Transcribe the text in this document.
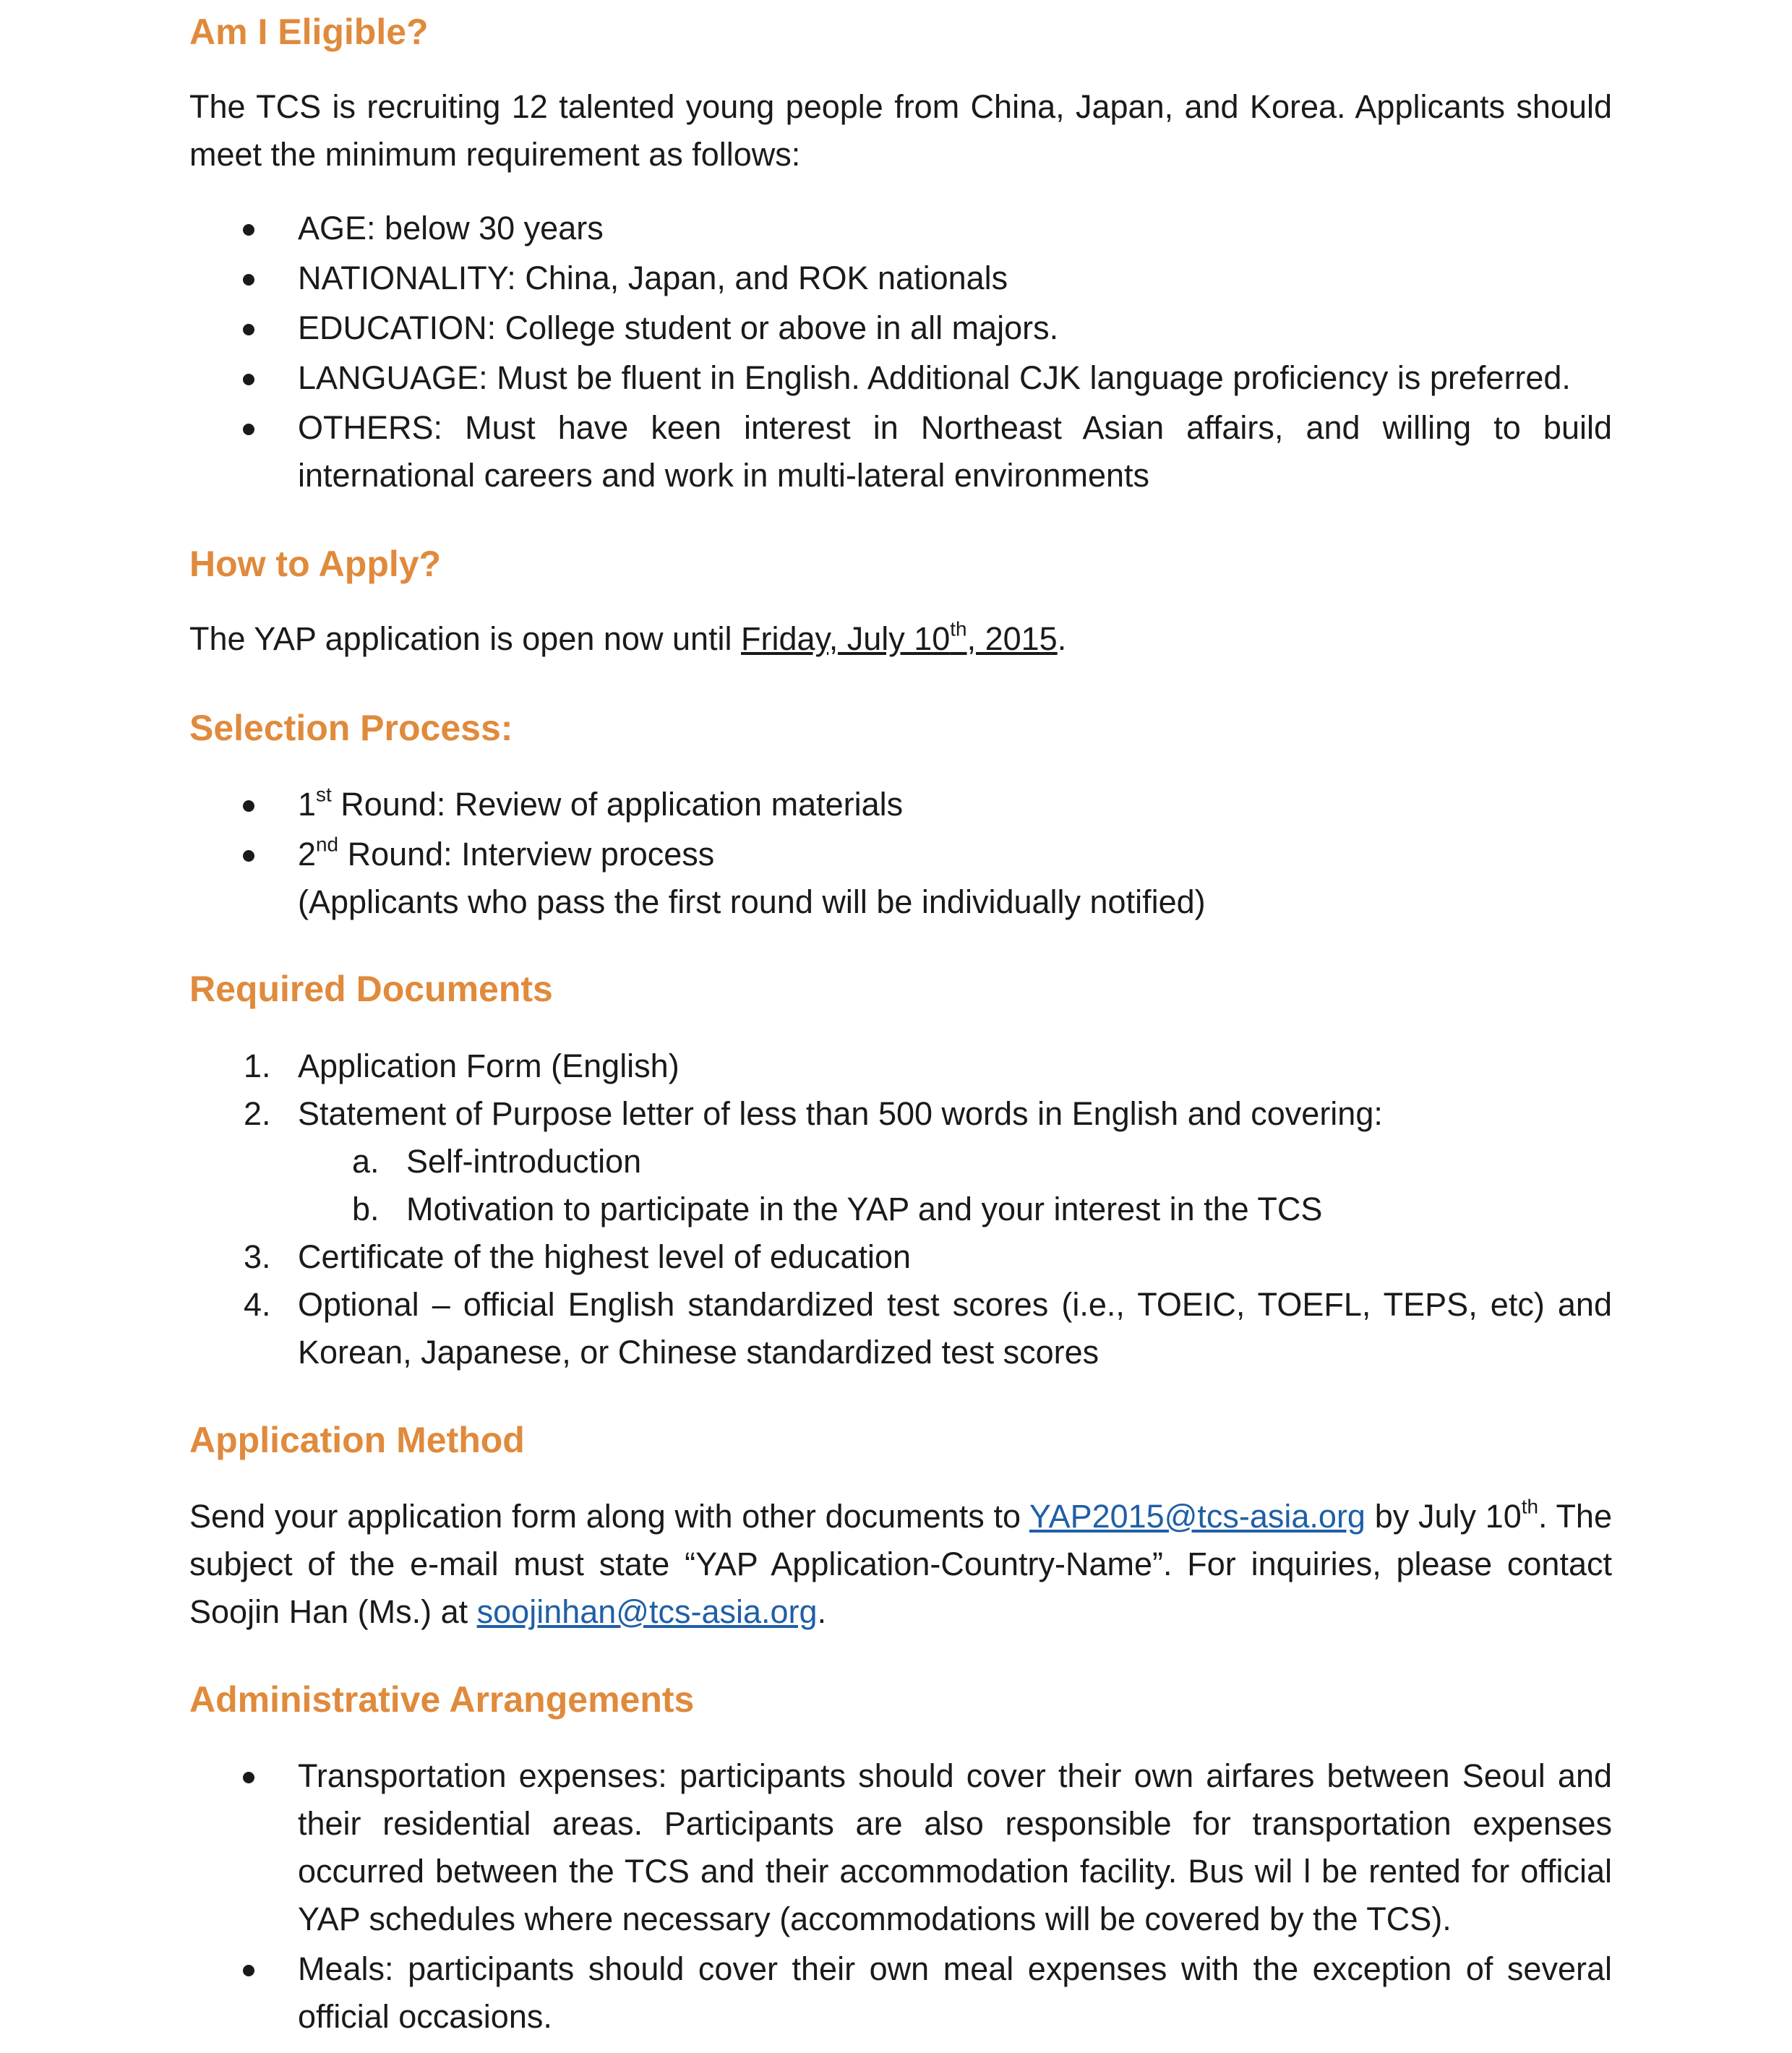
Am I Eligible?

The TCS is recruiting 12 talented young people from China, Japan, and Korea. Applicants should meet the minimum requirement as follows:

AGE: below 30 years
NATIONALITY: China, Japan, and ROK nationals
EDUCATION: College student or above in all majors.
LANGUAGE: Must be fluent in English. Additional CJK language proficiency is preferred.
OTHERS: Must have keen interest in Northeast Asian affairs, and willing to build international careers and work in multi-lateral environments
How to Apply?

The YAP application is open now until Friday, July 10th, 2015.

Selection Process:
1st Round: Review of application materials
2nd Round: Interview process
(Applicants who pass the first round will be individually notified)
Required Documents
1. Application Form (English)
2. Statement of Purpose letter of less than 500 words in English and covering:
a. Self-introduction
b. Motivation to participate in the YAP and your interest in the TCS
3. Certificate of the highest level of education
4. Optional – official English standardized test scores (i.e., TOEIC, TOEFL, TEPS, etc) and Korean, Japanese, or Chinese standardized test scores
Application Method

Send your application form along with other documents to YAP2015@tcs-asia.org by July 10th. The subject of the e-mail must state “YAP Application-Country-Name”. For inquiries, please contact Soojin Han (Ms.) at soojinhan@tcs-asia.org.

Administrative Arrangements
Transportation expenses: participants should cover their own airfares between Seoul and their residential areas. Participants are also responsible for transportation expenses occurred between the TCS and their accommodation facility. Bus wil l be rented for official YAP schedules where necessary (accommodations will be covered by the TCS).
Meals: participants should cover their own meal expenses with the exception of several official occasions.
